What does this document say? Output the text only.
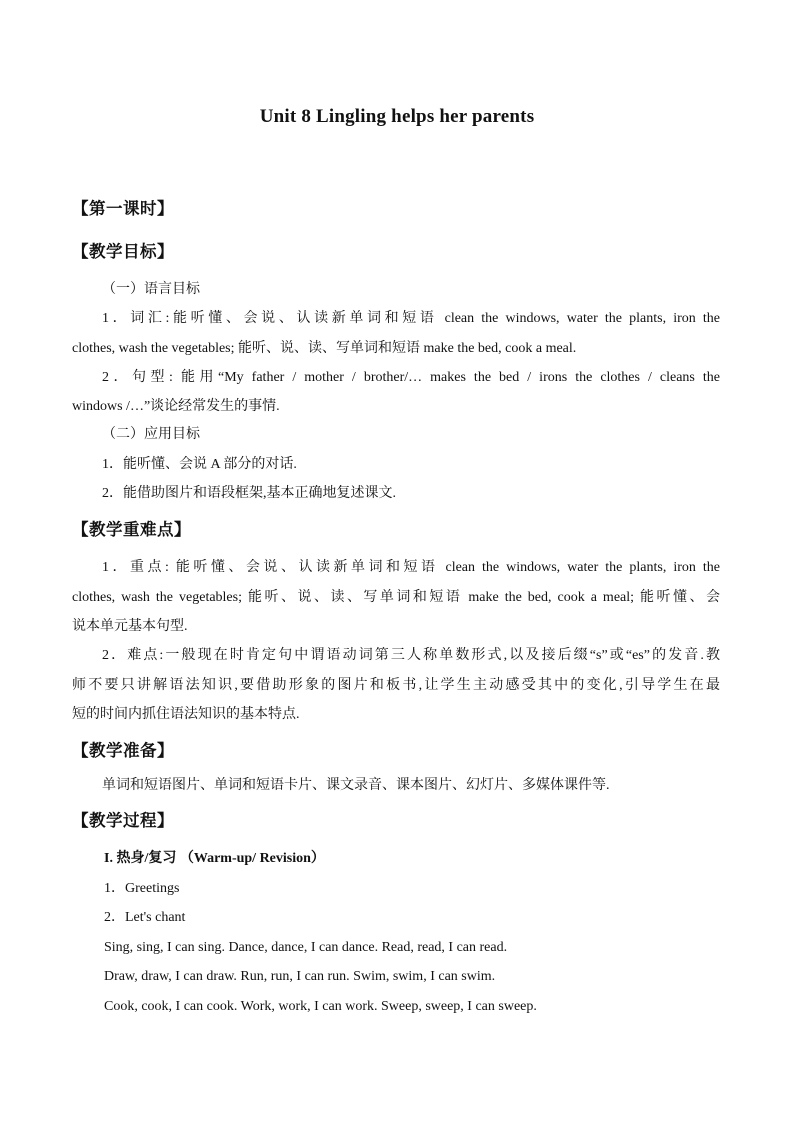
Unit 8 Lingling helps her parents
【第一课时】
【教学目标】
（一）语言目标
1．词汇:能听懂、会说、认读新单词和短语 clean the windows, water the plants, iron the
clothes, wash the vegetables; 能听、说、读、写单词和短语 make the bed, cook a meal.
2．句型: 能用“My father / mother / brother/… makes the bed / irons the clothes / cleans the
windows /…”谈论经常发生的事情.
（二）应用目标
1．能听懂、会说 A 部分的对话.
2．能借助图片和语段框架,基本正确地复述课文.
【教学重难点】
1．重点: 能听懂、会说、认读新单词和短语 clean the windows, water the plants, iron the
clothes, wash the vegetables; 能听、说、读、写单词和短语 make the bed, cook a meal; 能听懂、会
说本单元基本句型.
2．难点:一般现在时肯定句中谓语动词第三人称单数形式,以及接后缀“s”或“es”的发音.教
师不要只讲解语法知识,要借助形象的图片和板书,让学生主动感受其中的变化,引导学生在最
短的时间内抓住语法知识的基本特点.
【教学准备】
单词和短语图片、单词和短语卡片、课文录音、课本图片、幻灯片、多媒体课件等.
【教学过程】
I. 热身/复习 （Warm-up/ Revision）
1．Greetings
2．Let's chant
Sing, sing, I can sing. Dance, dance, I can dance. Read, read, I can read.
Draw, draw, I can draw. Run, run, I can run. Swim, swim, I can swim.
Cook, cook, I can cook. Work, work, I can work. Sweep, sweep, I can sweep.
